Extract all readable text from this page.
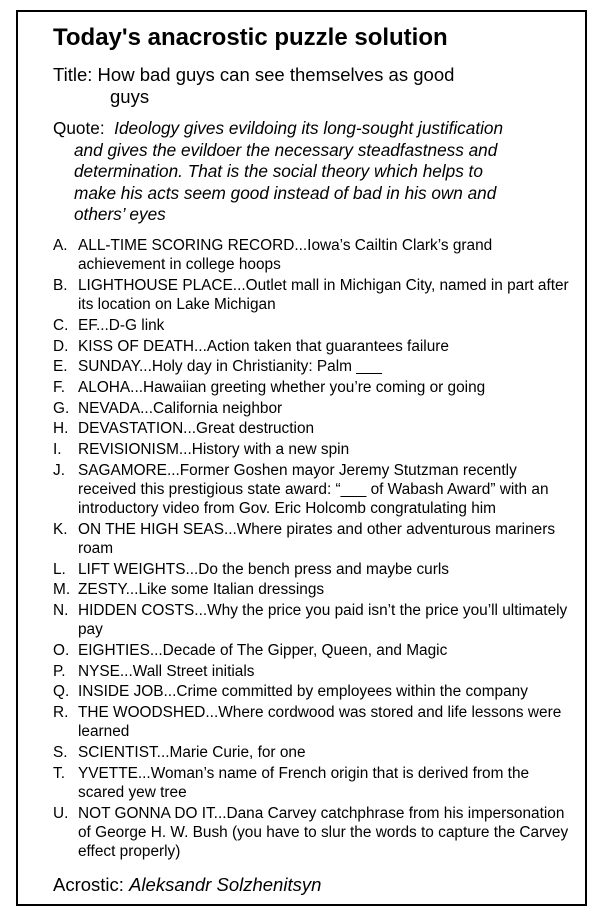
Today's anacrostic puzzle solution
Title: How bad guys can see themselves as good
guys
Quote: Ideology gives evildoing its long-sought justification
and gives the evildoer the necessary steadfastness and
determination. That is the social theory which helps to
make his acts seem good instead of bad in his own and
others’ eyes
A. ALL-TIME SCORING RECORD...Iowa’s Cailtin Clark’s grand achievement in college hoops
B. LIGHTHOUSE PLACE...Outlet mall in Michigan City, named in part after its location on Lake Michigan
C. EF...D-G link
D. KISS OF DEATH...Action taken that guarantees failure
E. SUNDAY...Holy day in Christianity: Palm ___
F. ALOHA...Hawaiian greeting whether you’re coming or going
G. NEVADA...California neighbor
H. DEVASTATION...Great destruction
I.	REVISIONISM...History with a new spin
J. SAGAMORE...Former Goshen mayor Jeremy Stutzman recently received this prestigious state award: “___ of Wabash Award” with an introductory video from Gov. Eric Holcomb congratulating him
K. ON THE HIGH SEAS...Where pirates and other adventurous mariners roam
L. LIFT WEIGHTS...Do the bench press and maybe curls
M. ZESTY...Like some Italian dressings
N. HIDDEN COSTS...Why the price you paid isn’t the price you’ll ultimately pay
O. EIGHTIES...Decade of The Gipper, Queen, and Magic
P. NYSE...Wall Street initials
Q. INSIDE JOB...Crime committed by employees within the company
R. THE WOODSHED...Where cordwood was stored and life lessons were learned
S. SCIENTIST...Marie Curie, for one
T. YVETTE...Woman’s name of French origin that is derived from the scared yew tree
U. NOT GONNA DO IT...Dana Carvey catchphrase from his impersonation of George H. W. Bush (you have to slur the words to capture the Carvey effect properly)
Acrostic: Aleksandr Solzhenitsyn
